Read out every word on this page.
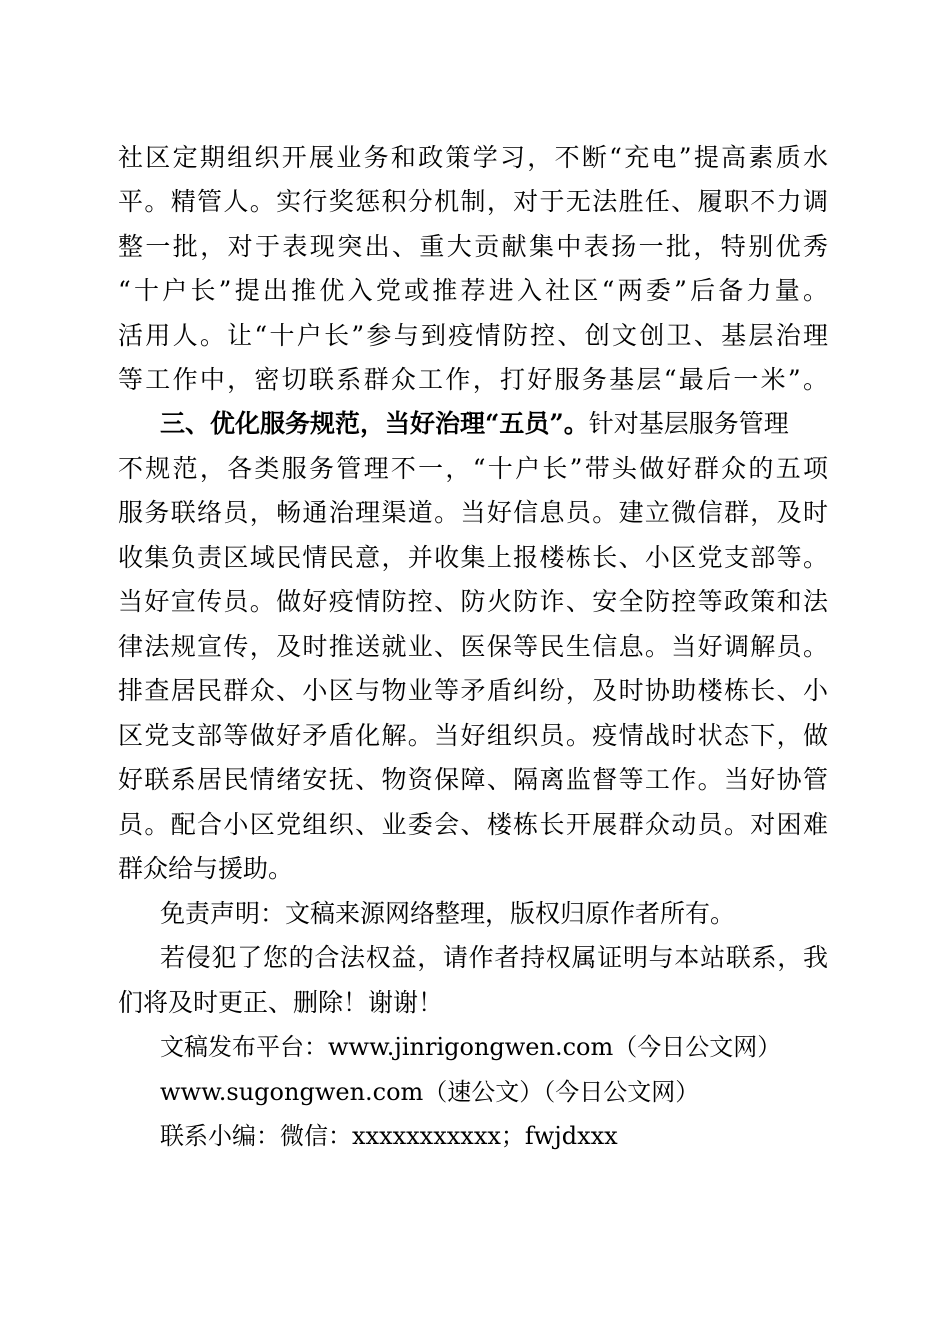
社区定期组织开展业务和政策学习，不断“充电”提高素质水
平。精管人。实行奖惩积分机制，对于无法胜任、履职不力调
整一批，对于表现突出、重大贡献集中表扬一批，特别优秀
“十户长”提出推优入党或推荐进入社区“两委”后备力量。
活用人。让“十户长”参与到疫情防控、创文创卫、基层治理
等工作中，密切联系群众工作，打好服务基层“最后一米”。
三、优化服务规范，当好治理“五员”。针对基层服务管理
不规范，各类服务管理不一，“十户长”带头做好群众的五项
服务联络员，畅通治理渠道。当好信息员。建立微信群，及时
收集负责区域民情民意，并收集上报楼栋长、小区党支部等。
当好宣传员。做好疫情防控、防火防诈、安全防控等政策和法
律法规宣传，及时推送就业、医保等民生信息。当好调解员。
排查居民群众、小区与物业等矛盾纠纷，及时协助楼栋长、小
区党支部等做好矛盾化解。当好组织员。疫情战时状态下，做
好联系居民情绪安抚、物资保障、隔离监督等工作。当好协管
员。配合小区党组织、业委会、楼栋长开展群众动员。对困难
群众给与援助。
免责声明：文稿来源网络整理，版权归原作者所有。
若侵犯了您的合法权益，请作者持权属证明与本站联系，我
们将及时更正、删除！谢谢！
文稿发布平台：www.jinrigongwen.com（今日公文网）
www.sugongwen.com（速公文）（今日公文网）
联系小编：微信：xxxxxxxxxxx；fwjdxxx
